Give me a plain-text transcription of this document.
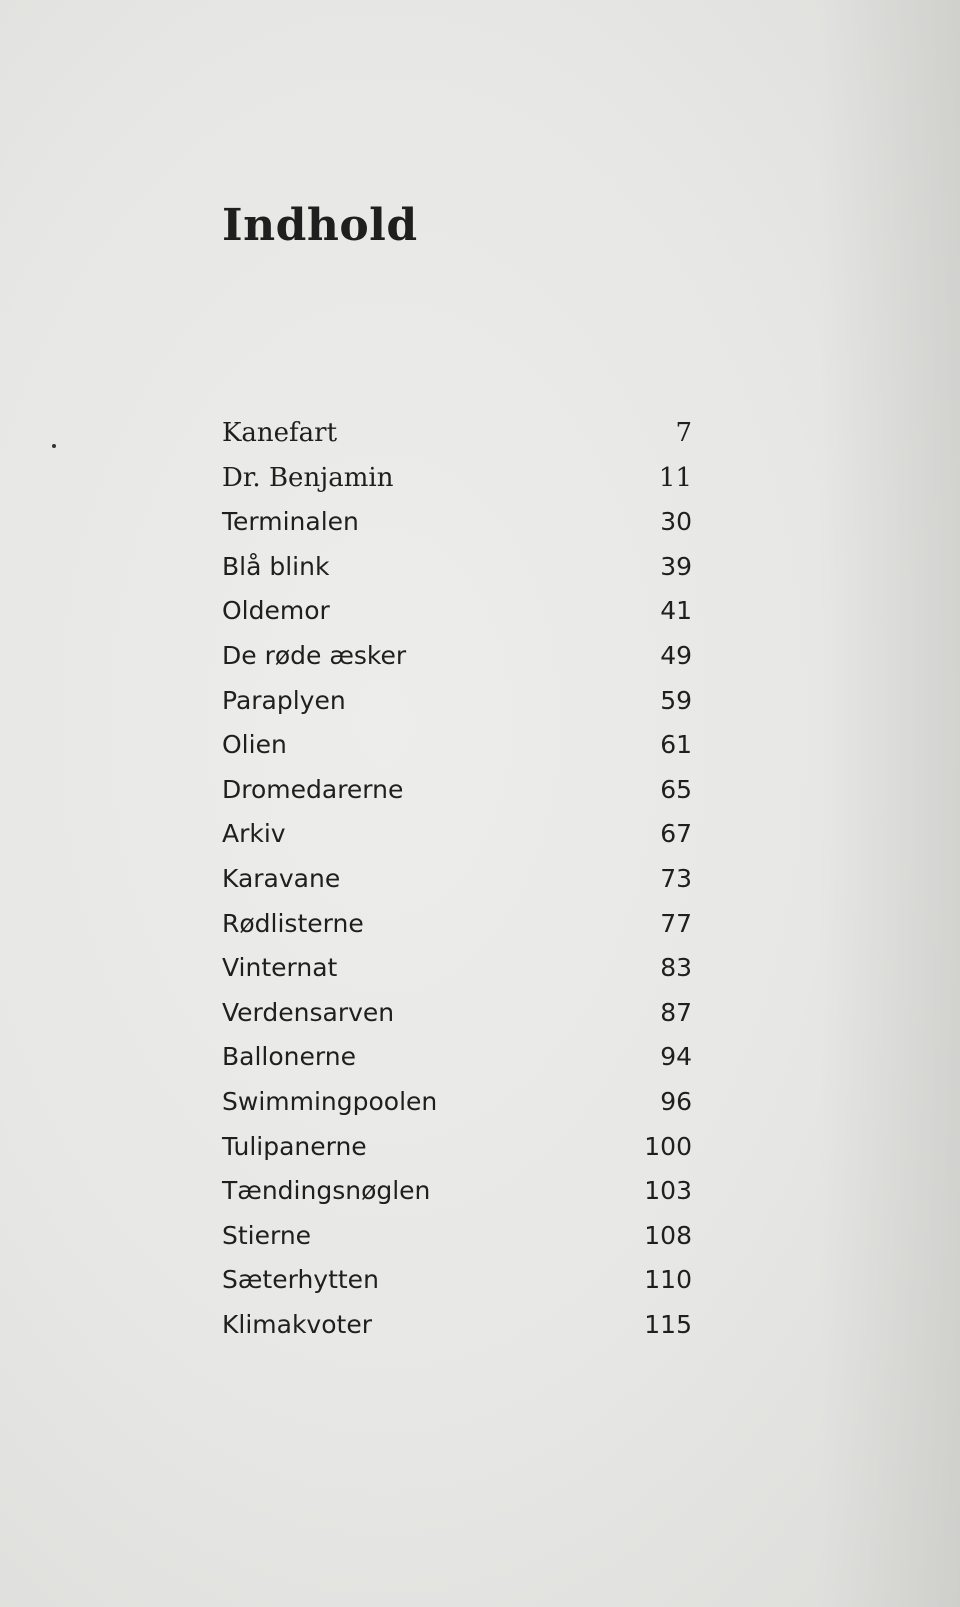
Indhold
Kanefart	7
Dr. Benjamin	11
Terminalen	30
Blå blink	39
Oldemor	41
De røde æsker	49
Paraplyen	59
Olien	61
Dromedarerne	65
Arkiv	67
Karavane	73
Rødlisterne	77
Vinternat	83
Verdensarven	87
Ballonerne	94
Swimmingpoolen	96
Tulipanerne	100
Tændingsnøglen	103
Stierne	108
Sæterhytten	110
Klimakvoter	115
